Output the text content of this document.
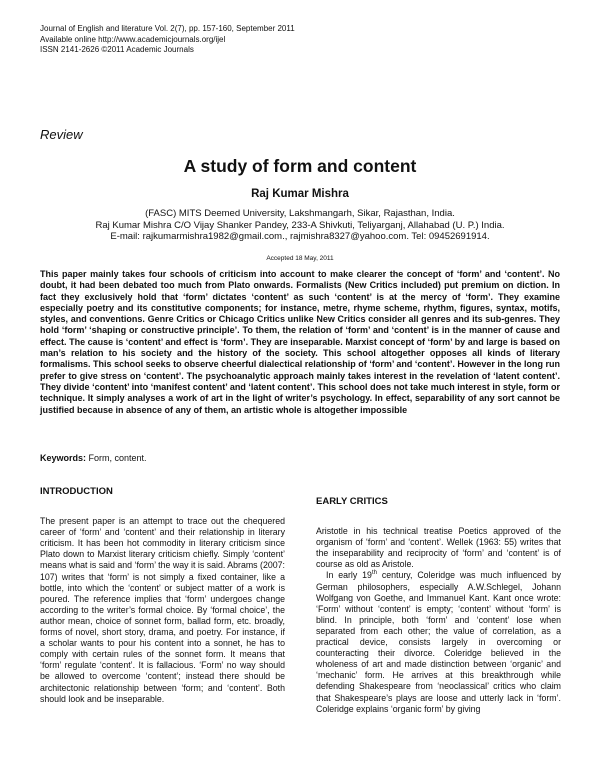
Journal of English and literature Vol. 2(7), pp. 157-160, September 2011
Available online http://www.academicjournals.org/ijel
ISSN 2141-2626 ©2011 Academic Journals
Review
A study of form and content
Raj Kumar Mishra
(FASC) MITS Deemed University, Lakshmangarh, Sikar, Rajasthan, India.
Raj Kumar Mishra C/O Vijay Shanker Pandey, 233-A Shivkuti, Teliyarganj, Allahabad (U. P.) India.
E-mail: rajkumarmishra1982@gmail.com., rajmishra8327@yahoo.com. Tel: 09452691914.
Accepted 18 May, 2011

This paper mainly takes four schools of criticism into account to make clearer the concept of ‘form’ and ‘content’. No doubt, it had been debated too much from Plato onwards. Formalists (New Critics included) put premium on diction. In fact they exclusively hold that ‘form’ dictates ‘content’ as such ‘content’ is at the mercy of ‘form’. They examine especially poetry and its constitutive components; for instance, metre, rhyme scheme, rhythm, figures, syntax, motifs, styles, and conventions. Genre Critics or Chicago Critics unlike New Critics consider all genres and its sub-genres. They hold ‘form’ ‘shaping or constructive principle’. To them, the relation of ‘form’ and ‘content’ is in the manner of cause and effect. The cause is ‘content’ and effect is ‘form’. They are inseparable. Marxist concept of ‘form’ by and large is based on man’s relation to his society and the history of the society. This school altogether opposes all kinds of literary formalisms. This school seeks to observe cheerful dialectical relationship of ‘form’ and ‘content’. However in the long run prefer to give stress on ‘content’. The psychoanalytic approach mainly takes interest in the revelation of ‘latent content’. They divide ‘content’ into ‘manifest content’ and ‘latent content’. This school does not take much interest in style, form or technique. It simply analyses a work of art in the light of writer’s psychology. In effect, separability of any sort cannot be justified because in absence of any of them, an artistic whole is altogether impossible

Keywords: Form, content.
INTRODUCTION

The present paper is an attempt to trace out the chequered career of ‘form’ and ‘content’ and their relationship in literary criticism. It has been hot commodity in literary criticism since Plato down to Marxist literary criticism chiefly. Simply ‘content’ means what is said and ‘form’ the way it is said. Abrams (2007: 107) writes that ‘form’ is not simply a fixed container, like a bottle, into which the ‘content’ or subject matter of a work is poured. The reference implies that ‘form’ undergoes change according to the writer’s formal choice. By ‘formal choice’, the author mean, choice of sonnet form, ballad form, etc. broadly, forms of novel, short story, drama, and poetry. For instance, if a scholar wants to pour his content into a sonnet, he has to comply with certain rules of the sonnet form. It means that ‘form’ regulate ‘content’. It is fallacious. ‘Form’ no way should be allowed to overcome ‘content’; instead there should be architectonic relationship between ‘form; and ‘content’. Both should look and be inseparable.

EARLY CRITICS

Aristotle in his technical treatise Poetics approved of the organism of ‘form’ and ‘content’. Wellek (1963: 55) writes that the inseparability and reciprocity of ‘form’ and ‘content’ is of course as old as Aristole.

In early 19th century, Coleridge was much influenced by German philosophers, especially A.W.Schlegel, Johann Wolfgang von Goethe, and Immanuel Kant. Kant once wrote: ‘Form’ without ‘content’ is empty; ‘content’ without ‘form’ is blind. In principle, both ‘form’ and ‘content’ lose when separated from each other; the value of correlation, as a practical device, consists largely in overcoming or counteracting their divorce. Coleridge believed in the wholeness of art and made distinction between ‘organic’ and ‘mechanic’ form. He arrives at this breakthrough while defending Shakespeare from ‘neoclassical’ critics who claim that Shakespeare’s plays are loose and utterly lack in ‘form’. Coleridge explains ‘organic form’ by giving
